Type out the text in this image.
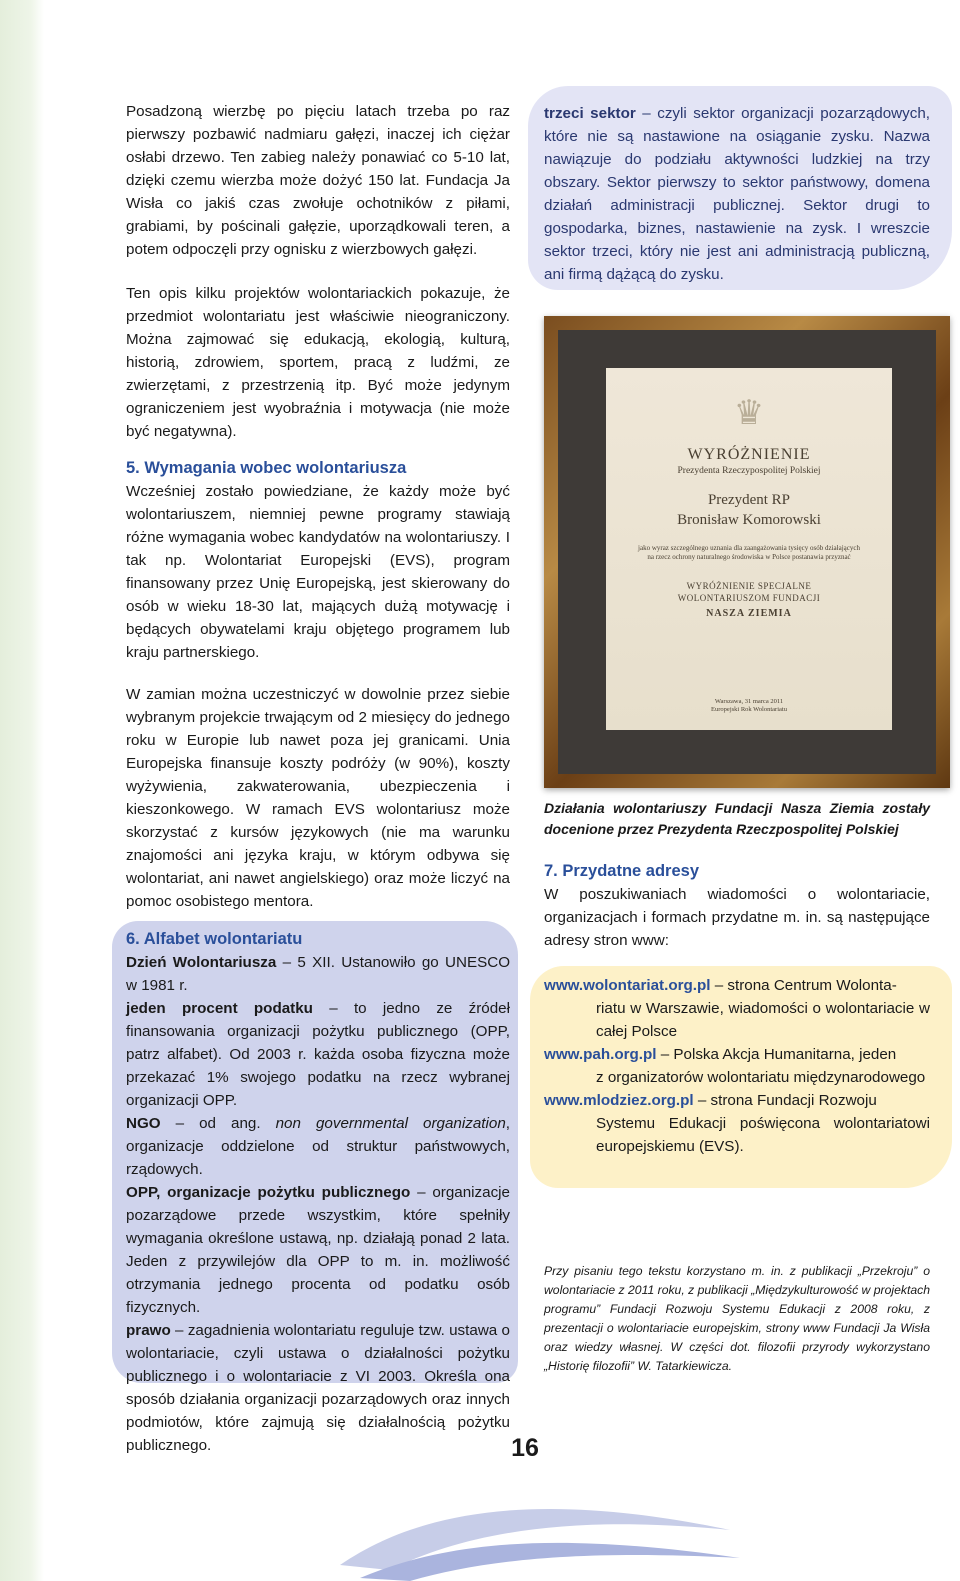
Posadzoną wierzbę po pięciu latach trzeba po raz pierwszy pozbawić nadmiaru gałęzi, inaczej ich ciężar osłabi drzewo. Ten zabieg należy ponawiać co 5-10 lat, dzięki czemu wierzba może dożyć 150 lat. Fundacja Ja Wisła co jakiś czas zwołuje ochotników z piłami, grabiami, by pościnali gałęzie, uporządkowali teren, a potem odpoczęli przy ognisku z wierzbowych gałęzi.

Ten opis kilku projektów wolontariackich pokazuje, że przedmiot wolontariatu jest właściwie nieograniczony. Można zajmować się edukacją, ekologią, kulturą, historią, zdrowiem, sportem, pracą z ludźmi, ze zwierzętami, z przestrzenią itp. Być może jedynym ograniczeniem jest wyobraźnia i motywacja (nie może być negatywna).

5. Wymagania wobec wolontariusza

Wcześniej zostało powiedziane, że każdy może być wolontariuszem, niemniej pewne programy stawiają różne wymagania wobec kandydatów na wolontariuszy. I tak np. Wolontariat Europejski (EVS), program finansowany przez Unię Europejską, jest skierowany do osób w wieku 18-30 lat, mających dużą motywację i będących obywatelami kraju objętego programem lub kraju partnerskiego.

W zamian można uczestniczyć w dowolnie przez siebie wybranym projekcie trwającym od 2 miesięcy do jednego roku w Europie lub nawet poza jej granicami. Unia Europejska finansuje koszty podróży (w 90%), koszty wyżywienia, zakwaterowania, ubezpieczenia i kieszonkowego. W ramach EVS wolontariusz może skorzystać z kursów językowych (nie ma warunku znajomości ani języka kraju, w którym odbywa się wolontariat, ani nawet angielskiego) oraz może liczyć na pomoc osobistego mentora.

6. Alfabet wolontariatu
Dzień Wolontariusza – 5 XII. Ustanowiło go UNESCO w 1981 r.
jeden procent podatku – to jedno ze źródeł finansowania organizacji pożytku publicznego (OPP, patrz alfabet). Od 2003 r. każda osoba fizyczna może przekazać 1% swojego podatku na rzecz wybranej organizacji OPP.
NGO – od ang. non governmental organization, organizacje oddzielone od struktur państwowych, rządowych.
OPP, organizacje pożytku publicznego – organizacje pozarządowe przede wszystkim, które spełniły wymagania określone ustawą, np. działają ponad 2 lata. Jeden z przywilejów dla OPP to m. in. możliwość otrzymania jednego procenta od podatku osób fizycznych.
prawo – zagadnienia wolontariatu reguluje tzw. ustawa o wolontariacie, czyli ustawa o działalności pożytku publicznego i o wolontariacie z VI 2003. Określa ona sposób działania organizacji pozarządowych oraz innych podmiotów, które zajmują się działalnością pożytku publicznego.

trzeci sektor – czyli sektor organizacji pozarządowych, które nie są nastawione na osiąganie zysku. Nazwa nawiązuje do podziału aktywności ludzkiej na trzy obszary. Sektor pierwszy to sektor państwowy, domena działań administracji publicznej. Sektor drugi to gospodarka, biznes, nastawienie na zysk. I wreszcie sektor trzeci, który nie jest ani administracją publiczną, ani firmą dążącą do zysku.

♛
WYRÓŻNIENIE
Prezydenta Rzeczypospolitej Polskiej
Prezydent RP
Bronisław Komorowski
jako wyraz szczególnego uznania dla zaangażowania tysięcy osób działających na rzecz ochrony naturalnego środowiska w Polsce postanawia przyznać
WYRÓŻNIENIE SPECJALNE
WOLONTARIUSZOM FUNDACJI
NASZA ZIEMIA
Warszawa, 31 marca 2011
Europejski Rok Wolontariatu

Działania wolontariuszy Fundacji Nasza Ziemia zostały docenione przez Prezydenta Rzeczpospolitej Polskiej

7. Przydatne adresy

W poszukiwaniach wiadomości o wolontariacie, organizacjach i formach przydatne m. in. są następujące adresy stron www:

www.wolontariat.org.pl – strona Centrum Wolonta-
riatu w Warszawie, wiadomości o wolontariacie w całej Polsce
www.pah.org.pl – Polska Akcja Humanitarna, jeden
z organizatorów wolontariatu międzynarodowego
www.mlodziez.org.pl – strona Fundacji Rozwoju
Systemu Edukacji poświęcona wolontariatowi europejskiemu (EVS).

Przy pisaniu tego tekstu korzystano m. in. z publikacji „Przekroju” o wolontariacie z 2011 roku, z publikacji „Międzykulturowość w projektach programu” Fundacji Rozwoju Systemu Edukacji z 2008 roku, z prezentacji o wolontariacie europejskim, strony www Fundacji Ja Wisła oraz wiedzy własnej. W części dot. filozofii przyrody wykorzystano „Historię filozofii” W. Tatarkiewicza.

16
